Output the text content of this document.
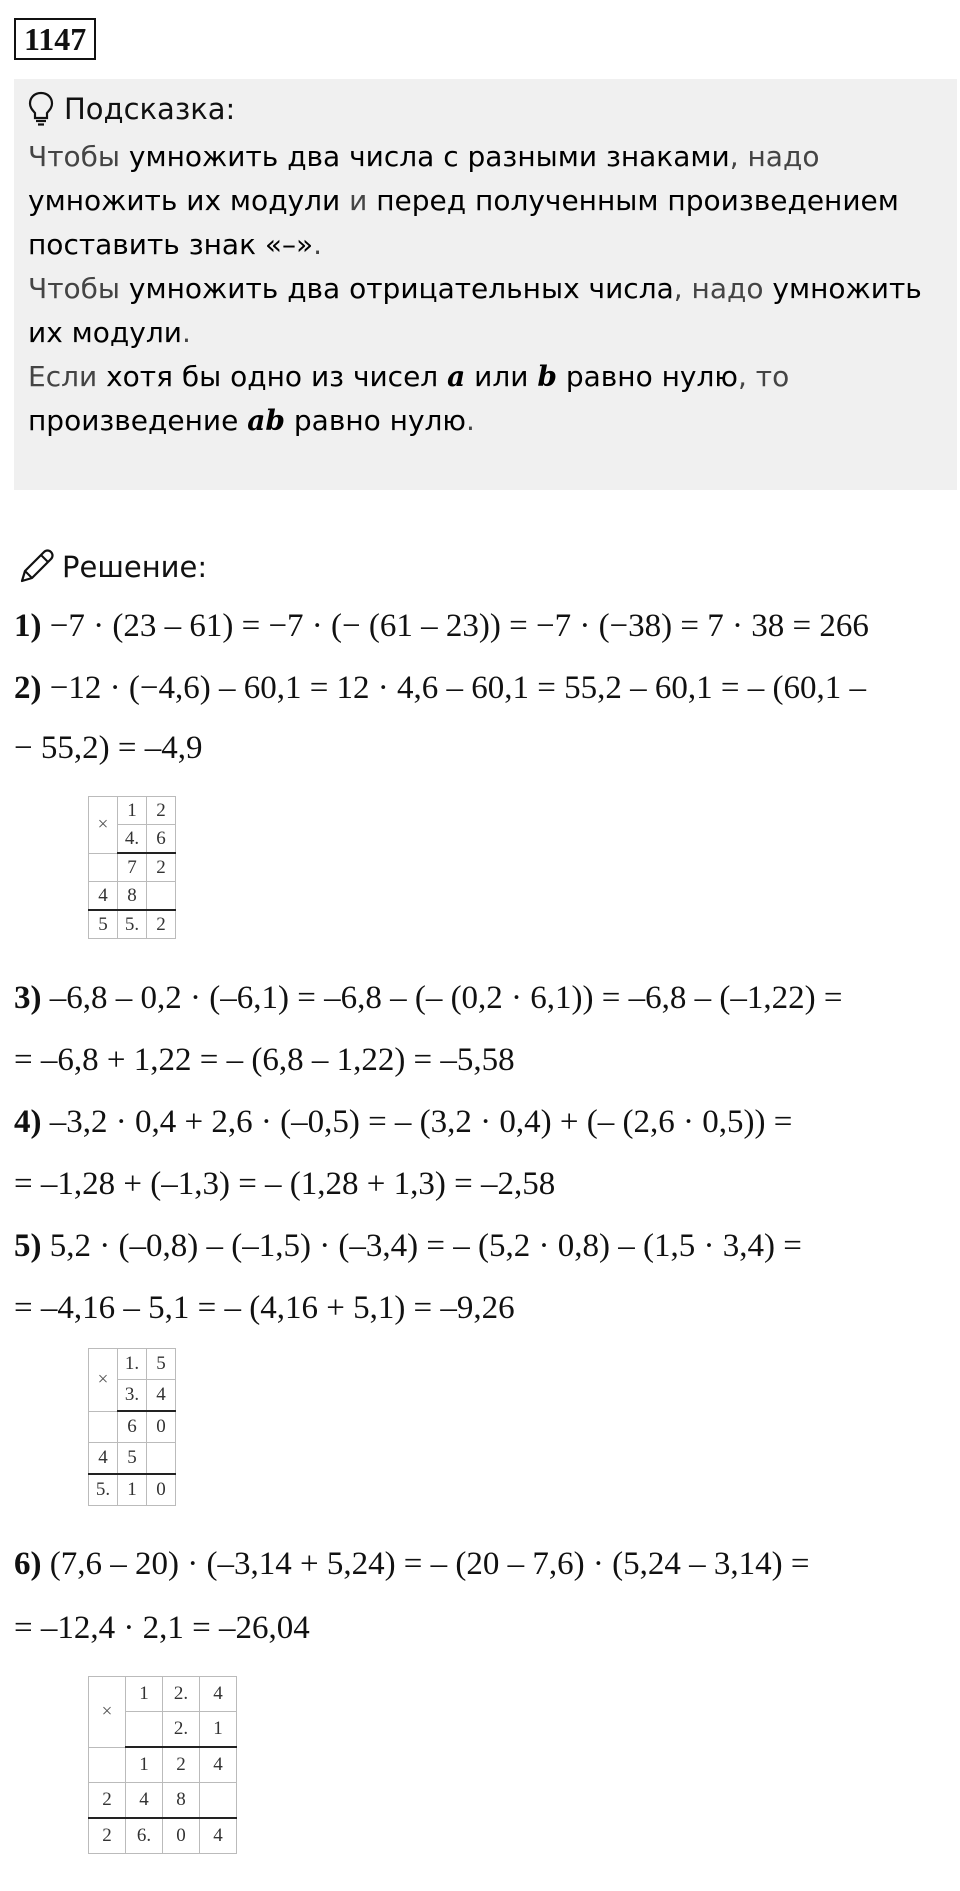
1147
Подсказка:
Чтобы умножить два числа с разными знаками, надо умножить их модули и перед полученным произведением поставить знак «–».
Чтобы умножить два отрицательных числа, надо умножить их модули.
Если хотя бы одно из чисел a или b равно нулю, то произведение ab равно нулю.
Решение:
1) −7 · (23 – 61) = −7 · (− (61 – 23)) = −7 · (−38) = 7 · 38 = 266
2) −12 · (−4,6) – 60,1 = 12 · 4,6 – 60,1 = 55,2 – 60,1 = – (60,1 –
− 55,2) = –4,9
×	1	2
	4.	6
	7	2
4	8	
5	5.	2
3) –6,8 – 0,2 · (–6,1) = –6,8 – (– (0,2 · 6,1)) = –6,8 – (–1,22) =
= –6,8 + 1,22 = – (6,8 – 1,22) = –5,58
4) –3,2 · 0,4 + 2,6 · (–0,5) = – (3,2 · 0,4) + (– (2,6 · 0,5)) =
= –1,28 + (–1,3) = – (1,28 + 1,3) = –2,58
5) 5,2 · (–0,8) – (–1,5) · (–3,4) = – (5,2 · 0,8) – (1,5 · 3,4) =
= –4,16 – 5,1 = – (4,16 + 5,1) = –9,26
×	1.	5
	3.	4
	6	0
4	5	
5.	1	0
6) (7,6 – 20) · (–3,14 + 5,24) = – (20 – 7,6) · (5,24 – 3,14) =
= –12,4 · 2,1 = –26,04
×	1	2.	4
		2.	1
	1	2	4
2	4	8	
2	6.	0	4
